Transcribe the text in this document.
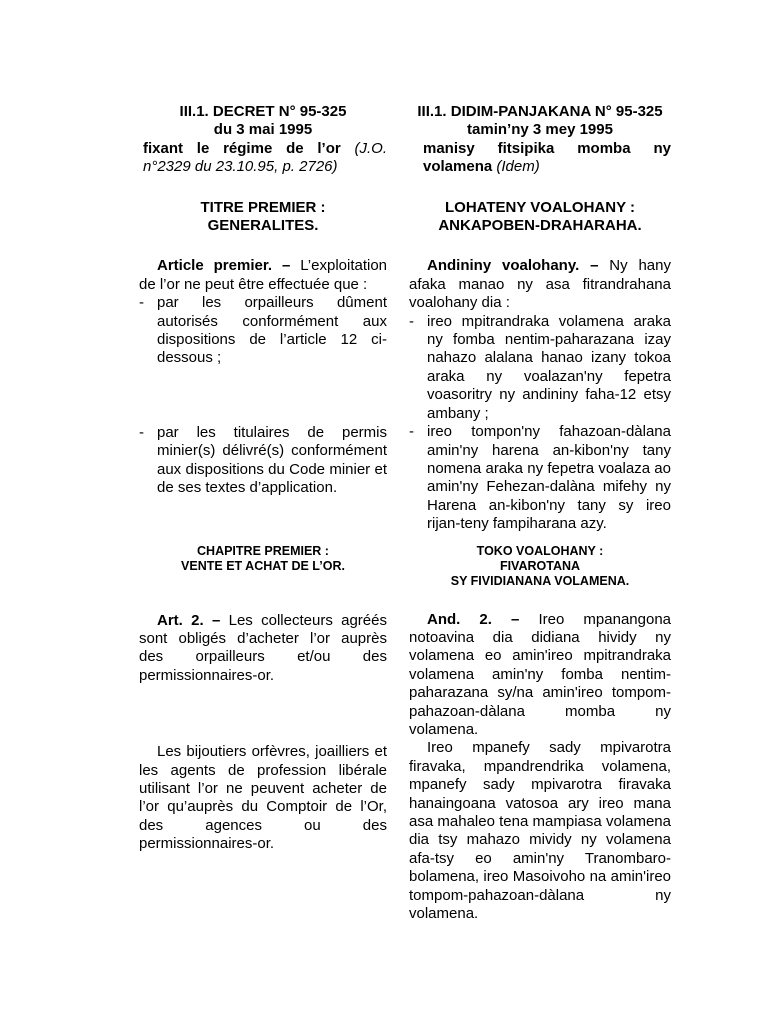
III.1. DECRET N° 95-325
du 3 mai 1995
fixant le régime de l’or (J.O. n°2329 du 23.10.95, p. 2726)
TITRE PREMIER :
GENERALITES.
Article premier. – L’exploitation de l’or ne peut être effectuée que :
- par les orpailleurs dûment autorisés conformément aux dispositions de l’article 12 ci-dessous ;
- par les titulaires de permis minier(s) délivré(s) conformément aux dispositions du Code minier et de ses textes d’application.
CHAPITRE PREMIER :
VENTE ET ACHAT DE L’OR.
Art. 2. – Les collecteurs agréés sont obligés d’acheter l’or auprès des orpailleurs et/ou des permissionnaires-or.
Les bijoutiers orfèvres, joailliers et les agents de profession libérale utilisant l’or ne peuvent acheter de l’or qu’auprès du Comptoir de l’Or, des agences ou des permissionnaires-or.
III.1. DIDIM-PANJAKANA N° 95-325
tamin’ny 3 mey 1995
manisy fitsipika momba ny volamena (Idem)
LOHATENY VOALOHANY :
ANKAPOBEN-DRAHARAHA.
Andininy voalohany. – Ny hany afaka manao ny asa fitrandrahana voalohany dia :
- ireo mpitrandraka volamena araka ny fomba nentim-paharazana izay nahazo alalana hanao izany tokoa araka ny voalazan'ny fepetra voasoritry ny andininy faha-12 etsy ambany ;
- ireo tompon'ny fahazoan-dàlana amin'ny harena an-kibon'ny tany nomena araka ny fepetra voalaza ao amin'ny Fehezan-dalàna mifehy ny Harena an-kibon'ny tany sy ireo rijan-teny fampiharana azy.
TOKO VOALOHANY :
FIVAROTANA
SY FIVIDIANANA VOLAMENA.
And. 2. – Ireo mpanangona notoavina dia didiana hividy ny volamena eo amin'ireo mpitrandraka volamena amin'ny fomba nentim-paharazana sy/na amin'ireo tompom-pahazoan-dàlana momba ny volamena.
Ireo mpanefy sady mpivarotra firavaka, mpandrendrika volamena, mpanefy sady mpivarotra firavaka hanaingoana vatosoa ary ireo mana asa mahaleo tena mampiasa volamena dia tsy mahazo mividy ny volamena afa-tsy eo amin'ny Tranombaro-bolamena, ireo Masoivoho na amin'ireo tompom-pahazoan-dàlana ny volamena.
